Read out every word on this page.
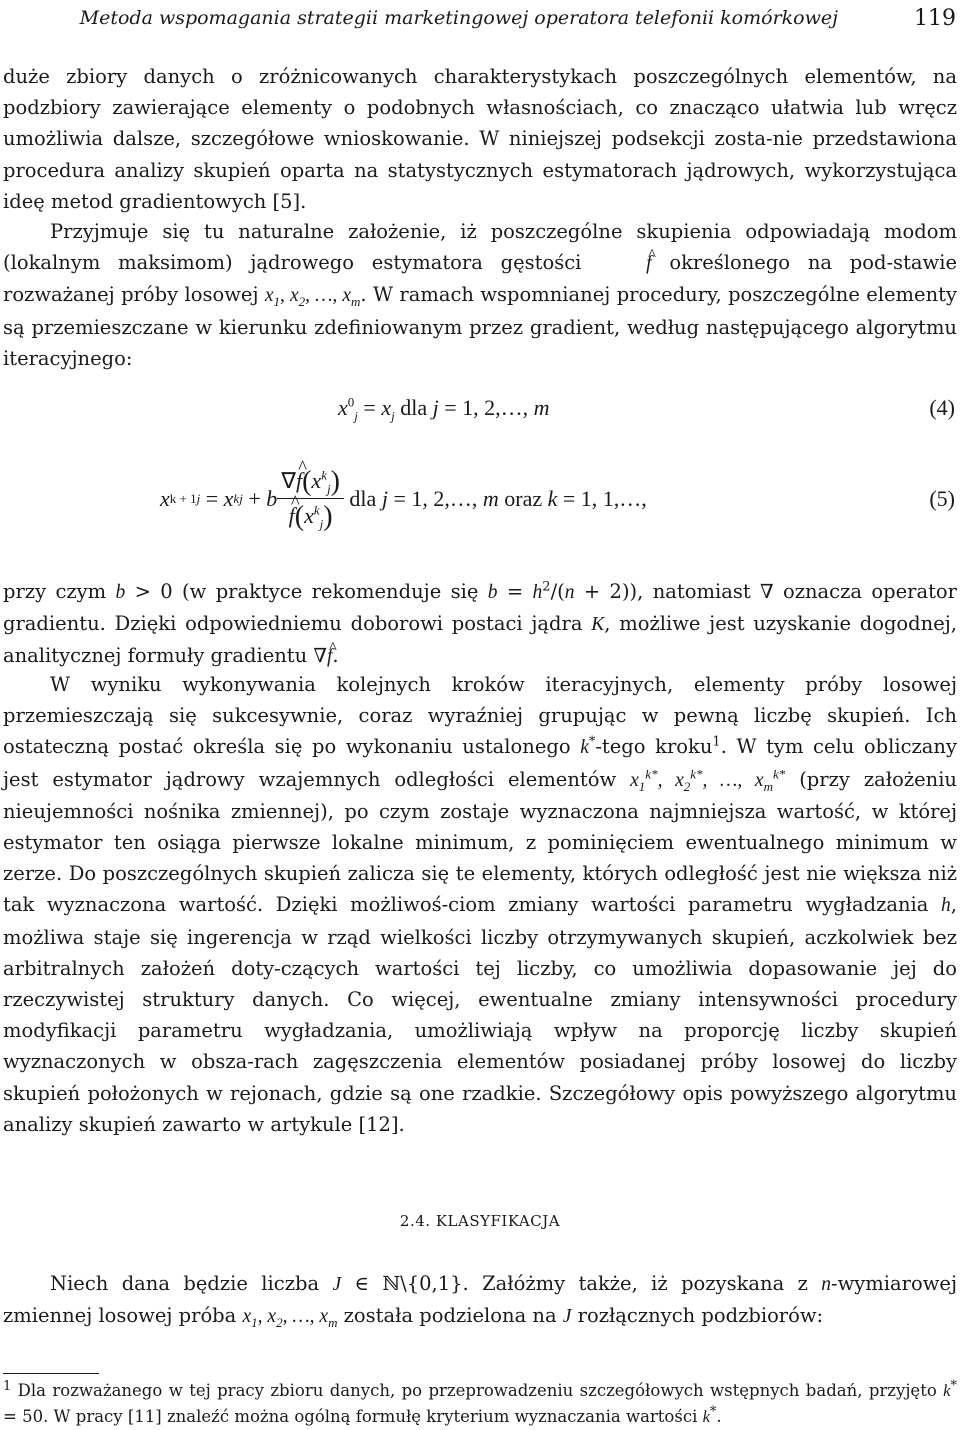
Metoda wspomagania strategii marketingowej operatora telefonii komórkowej	119

duże zbiory danych o zróżnicowanych charakterystykach poszczególnych elementów, na podzbiory zawierające elementy o podobnych własnościach, co znacząco ułatwia lub wręcz umożliwia dalsze, szczegółowe wnioskowanie. W niniejszej podsekcji zosta-nie przedstawiona procedura analizy skupień oparta na statystycznych estymatorach jądrowych, wykorzystująca ideę metod gradientowych [5].

Przyjmuje się tu naturalne założenie, iż poszczególne skupienia odpowiadają modom (lokalnym maksimom) jądrowego estymatora gęstości ^ f określonego na pod-stawie rozważanej próby losowej $x_1$, $x_2$, …, $x_m$. W ramach wspomnianej procedury, poszczególne elementy są przemieszczane w kierunku zdefiniowanym przez gradient, według następującego algorytmu iteracyjnego:

$x^0_j = x_j$ dla j = 1, 2,…, m	(4)
x k + 1 j
=
x k j
+
b ∇^ $f(x^k_j)$
^ $f(x^k_j)$
dla
j
=
1, 2,…,
m
oraz
k
=
1, 1,…,	(5)

przy czym b > 0 (w praktyce rekomenduje się $b = h^2/(n + 2)$), natomiast ∇ oznacza operator gradientu. Dzięki odpowiedniemu doborowi postaci jądra K, możliwe jest uzyskanie dogodnej, analitycznej formuły gradientu ∇^ f.

W wyniku wykonywania kolejnych kroków iteracyjnych, elementy próby losowej przemieszczają się sukcesywnie, coraz wyraźniej grupując w pewną liczbę skupień. Ich ostateczną postać określa się po wykonaniu ustalonego k*-tego kroku$^1$. W tym celu obliczany jest estymator jądrowy wzajemnych odległości elementów $x_1^{k*}$, $x_2^{k*}$, …, $x_m^{k*}$ (przy założeniu nieujemności nośnika zmiennej), po czym zostaje wyznaczona najmniejsza wartość, w której estymator ten osiąga pierwsze lokalne minimum, z pominięciem ewentualnego minimum w zerze. Do poszczególnych skupień zalicza się te elementy, których odległość jest nie większa niż tak wyznaczona wartość. Dzięki możliwoś-ciom zmiany wartości parametru wygładzania h, możliwa staje się ingerencja w rząd wielkości liczby otrzymywanych skupień, aczkolwiek bez arbitralnych założeń doty-czących wartości tej liczby, co umożliwia dopasowanie jej do rzeczywistej struktury danych. Co więcej, ewentualne zmiany intensywności procedury modyfikacji parametru wygładzania, umożliwiają wpływ na proporcję liczby skupień wyznaczonych w obsza-rach zagęszczenia elementów posiadanej próby losowej do liczby skupień położonych w rejonach, gdzie są one rzadkie. Szczegółowy opis powyższego algorytmu analizy skupień zawarto w artykule [12].

2.4. KLASYFIKACJA

Niech dana będzie liczba J ∈ ℕ\{0,1}. Załóżmy także, iż pozyskana z n-wymiarowej zmiennej losowej próba $x_1$, $x_2$, …, $x_m$ została podzielona na J rozłącznych podzbiorów:

$^1$ Dla rozważanego w tej pracy zbioru danych, po przeprowadzeniu szczegółowych wstępnych badań, przyjęto k* = 50. W pracy [11] znaleźć można ogólną formułę kryterium wyznaczania wartości k*.
